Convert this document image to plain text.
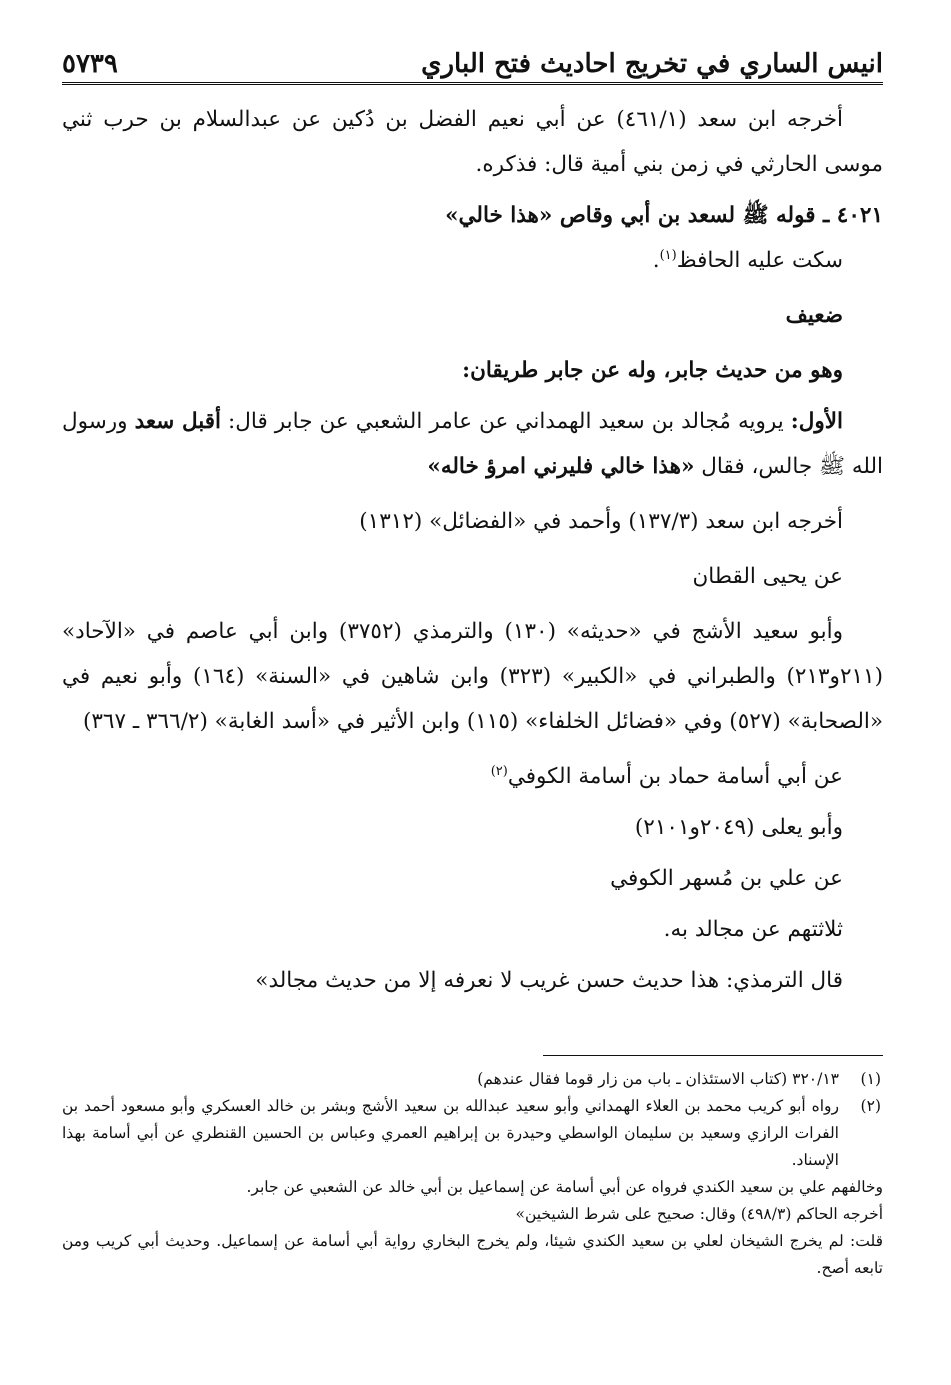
انيس الساري في تخريج احاديث فتح الباري
٥٧٣٩

أخرجه ابن سعد (٤٦١/١) عن أبي نعيم الفضل بن دُكين عن عبدالسلام بن حرب ثني موسى الحارثي في زمن بني أمية قال: فذكره.

٤٠٢١ ـ قوله ﷺ لسعد بن أبي وقاص «هذا خالي»

سكت عليه الحافظ$^{(١)}$.

ضعيف

وهو من حديث جابر، وله عن جابر طريقان:

الأول: يرويه مُجالد بن سعيد الهمداني عن عامر الشعبي عن جابر قال: أقبل سعد ورسول الله ﷺ جالس، فقال «هذا خالي فليرني امرؤ خاله»

أخرجه ابن سعد (١٣٧/٣) وأحمد في «الفضائل» (١٣١٢)

عن يحيى القطان

وأبو سعيد الأشج في «حديثه» (١٣٠) والترمذي (٣٧٥٢) وابن أبي عاصم في «الآحاد» (٢١١و٢١٣) والطبراني في «الكبير» (٣٢٣) وابن شاهين في «السنة» (١٦٤) وأبو نعيم في «الصحابة» (٥٢٧) وفي «فضائل الخلفاء» (١١٥) وابن الأثير في «أسد الغابة» (٣٦٦/٢ ـ ٣٦٧)

عن أبي أسامة حماد بن أسامة الكوفي$^{(٢)}$

وأبو يعلى (٢٠٤٩و٢١٠١)

عن علي بن مُسهر الكوفي

ثلاثتهم عن مجالد به.

قال الترمذي: هذا حديث حسن غريب لا نعرفه إلا من حديث مجالد»

(١)
٣٢٠/١٣ (كتاب الاستئذان ـ باب من زار قوما فقال عندهم)
(٢)
رواه أبو كريب محمد بن العلاء الهمداني وأبو سعيد عبدالله بن سعيد الأشج وبشر بن خالد العسكري وأبو مسعود أحمد بن الفرات الرازي وسعيد بن سليمان الواسطي وحيدرة بن إبراهيم العمري وعباس بن الحسين القنطري عن أبي أسامة بهذا الإسناد.

وخالفهم علي بن سعيد الكندي فرواه عن أبي أسامة عن إسماعيل بن أبي خالد عن الشعبي عن جابر.

أخرجه الحاكم (٤٩٨/٣) وقال: صحيح على شرط الشيخين»

قلت: لم يخرج الشيخان لعلي بن سعيد الكندي شيئا، ولم يخرج البخاري رواية أبي أسامة عن إسماعيل. وحديث أبي كريب ومن تابعه أصح.
